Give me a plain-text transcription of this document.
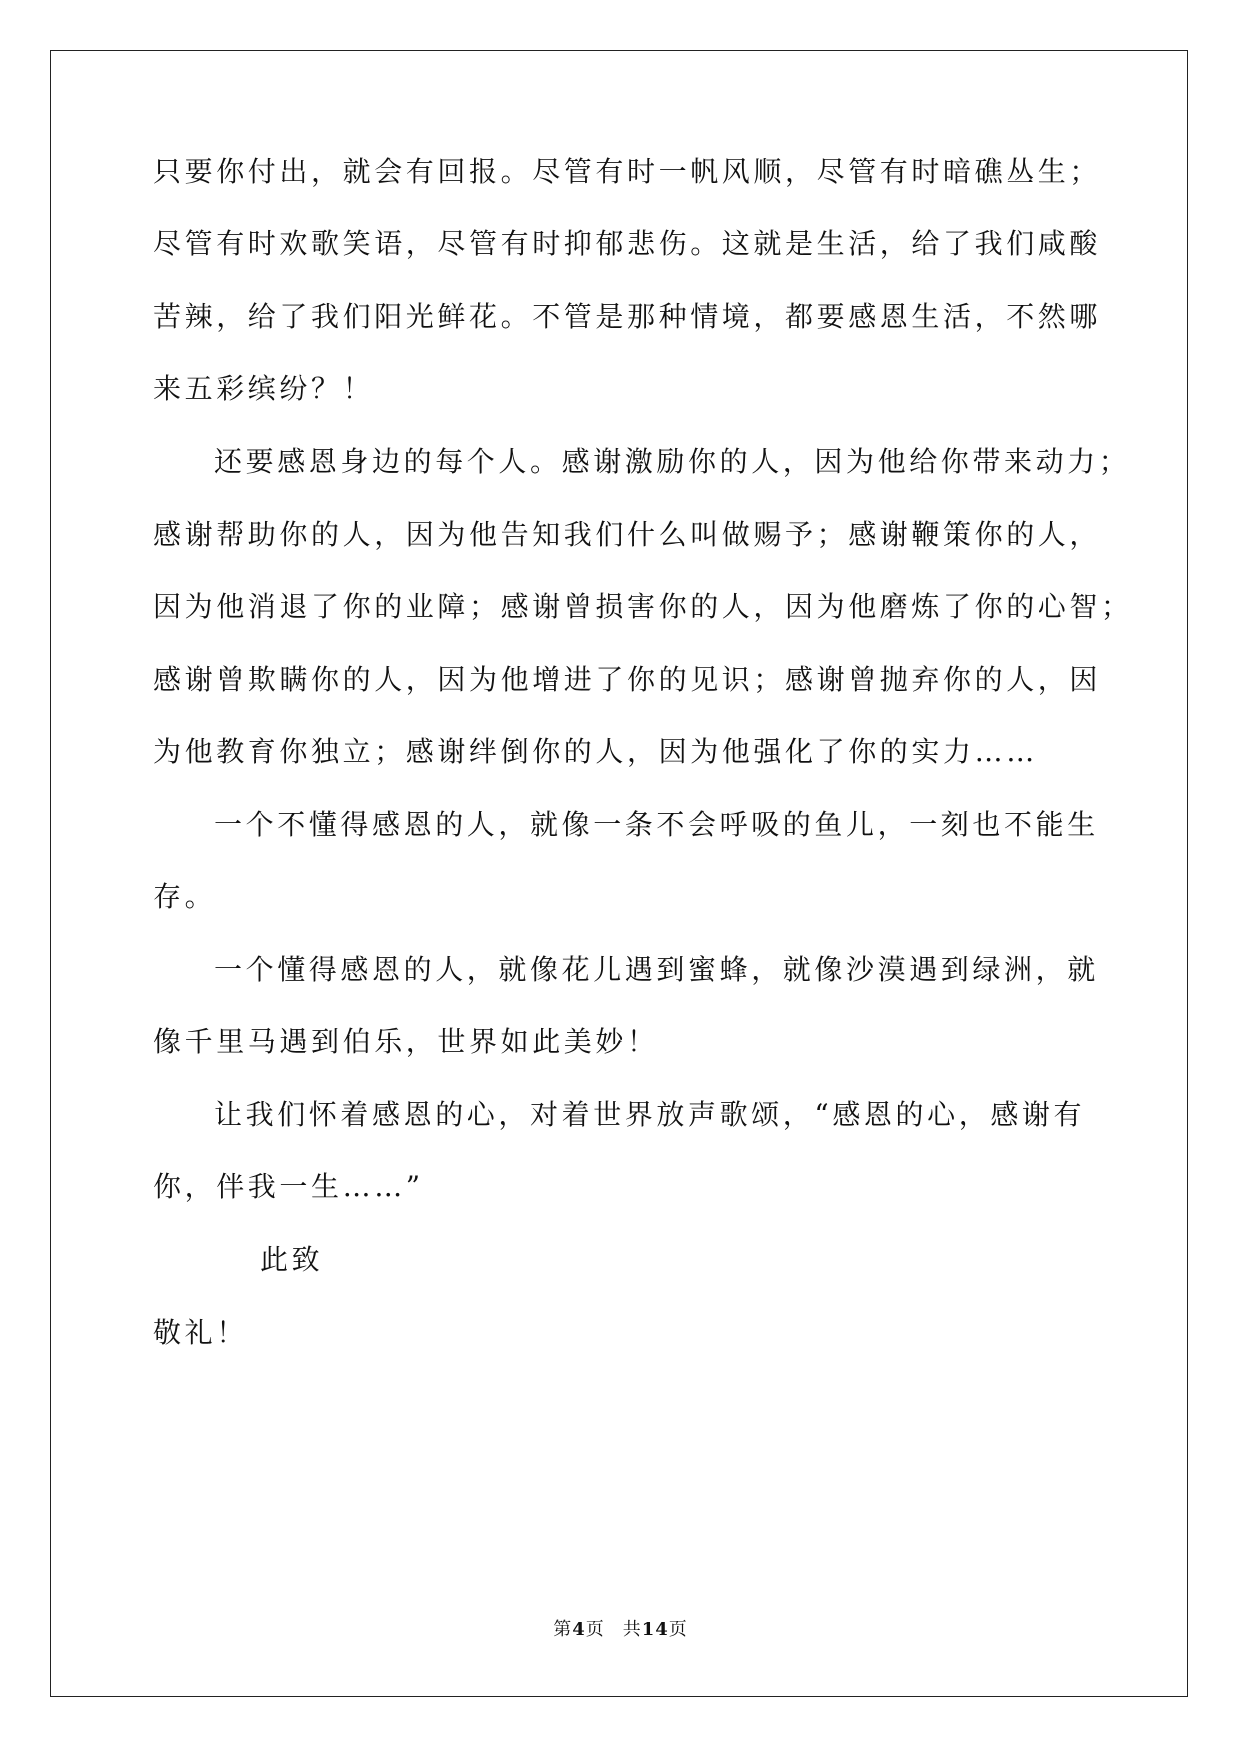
只要你付出，就会有回报。尽管有时一帆风顺，尽管有时暗礁丛生；
尽管有时欢歌笑语，尽管有时抑郁悲伤。这就是生活，给了我们咸酸
苦辣，给了我们阳光鲜花。不管是那种情境，都要感恩生活，不然哪
来五彩缤纷？！
还要感恩身边的每个人。感谢激励你的人，因为他给你带来动力；
感谢帮助你的人，因为他告知我们什么叫做赐予；感谢鞭策你的人，
因为他消退了你的业障；感谢曾损害你的人，因为他磨炼了你的心智；
感谢曾欺瞒你的人，因为他增进了你的见识；感谢曾抛弃你的人，因
为他教育你独立；感谢绊倒你的人，因为他强化了你的实力……
一个不懂得感恩的人，就像一条不会呼吸的鱼儿，一刻也不能生
存。
一个懂得感恩的人，就像花儿遇到蜜蜂，就像沙漠遇到绿洲，就
像千里马遇到伯乐，世界如此美妙！
让我们怀着感恩的心，对着世界放声歌颂，“感恩的心，感谢有
你，伴我一生……”
此致
敬礼！
第4页 共14页
